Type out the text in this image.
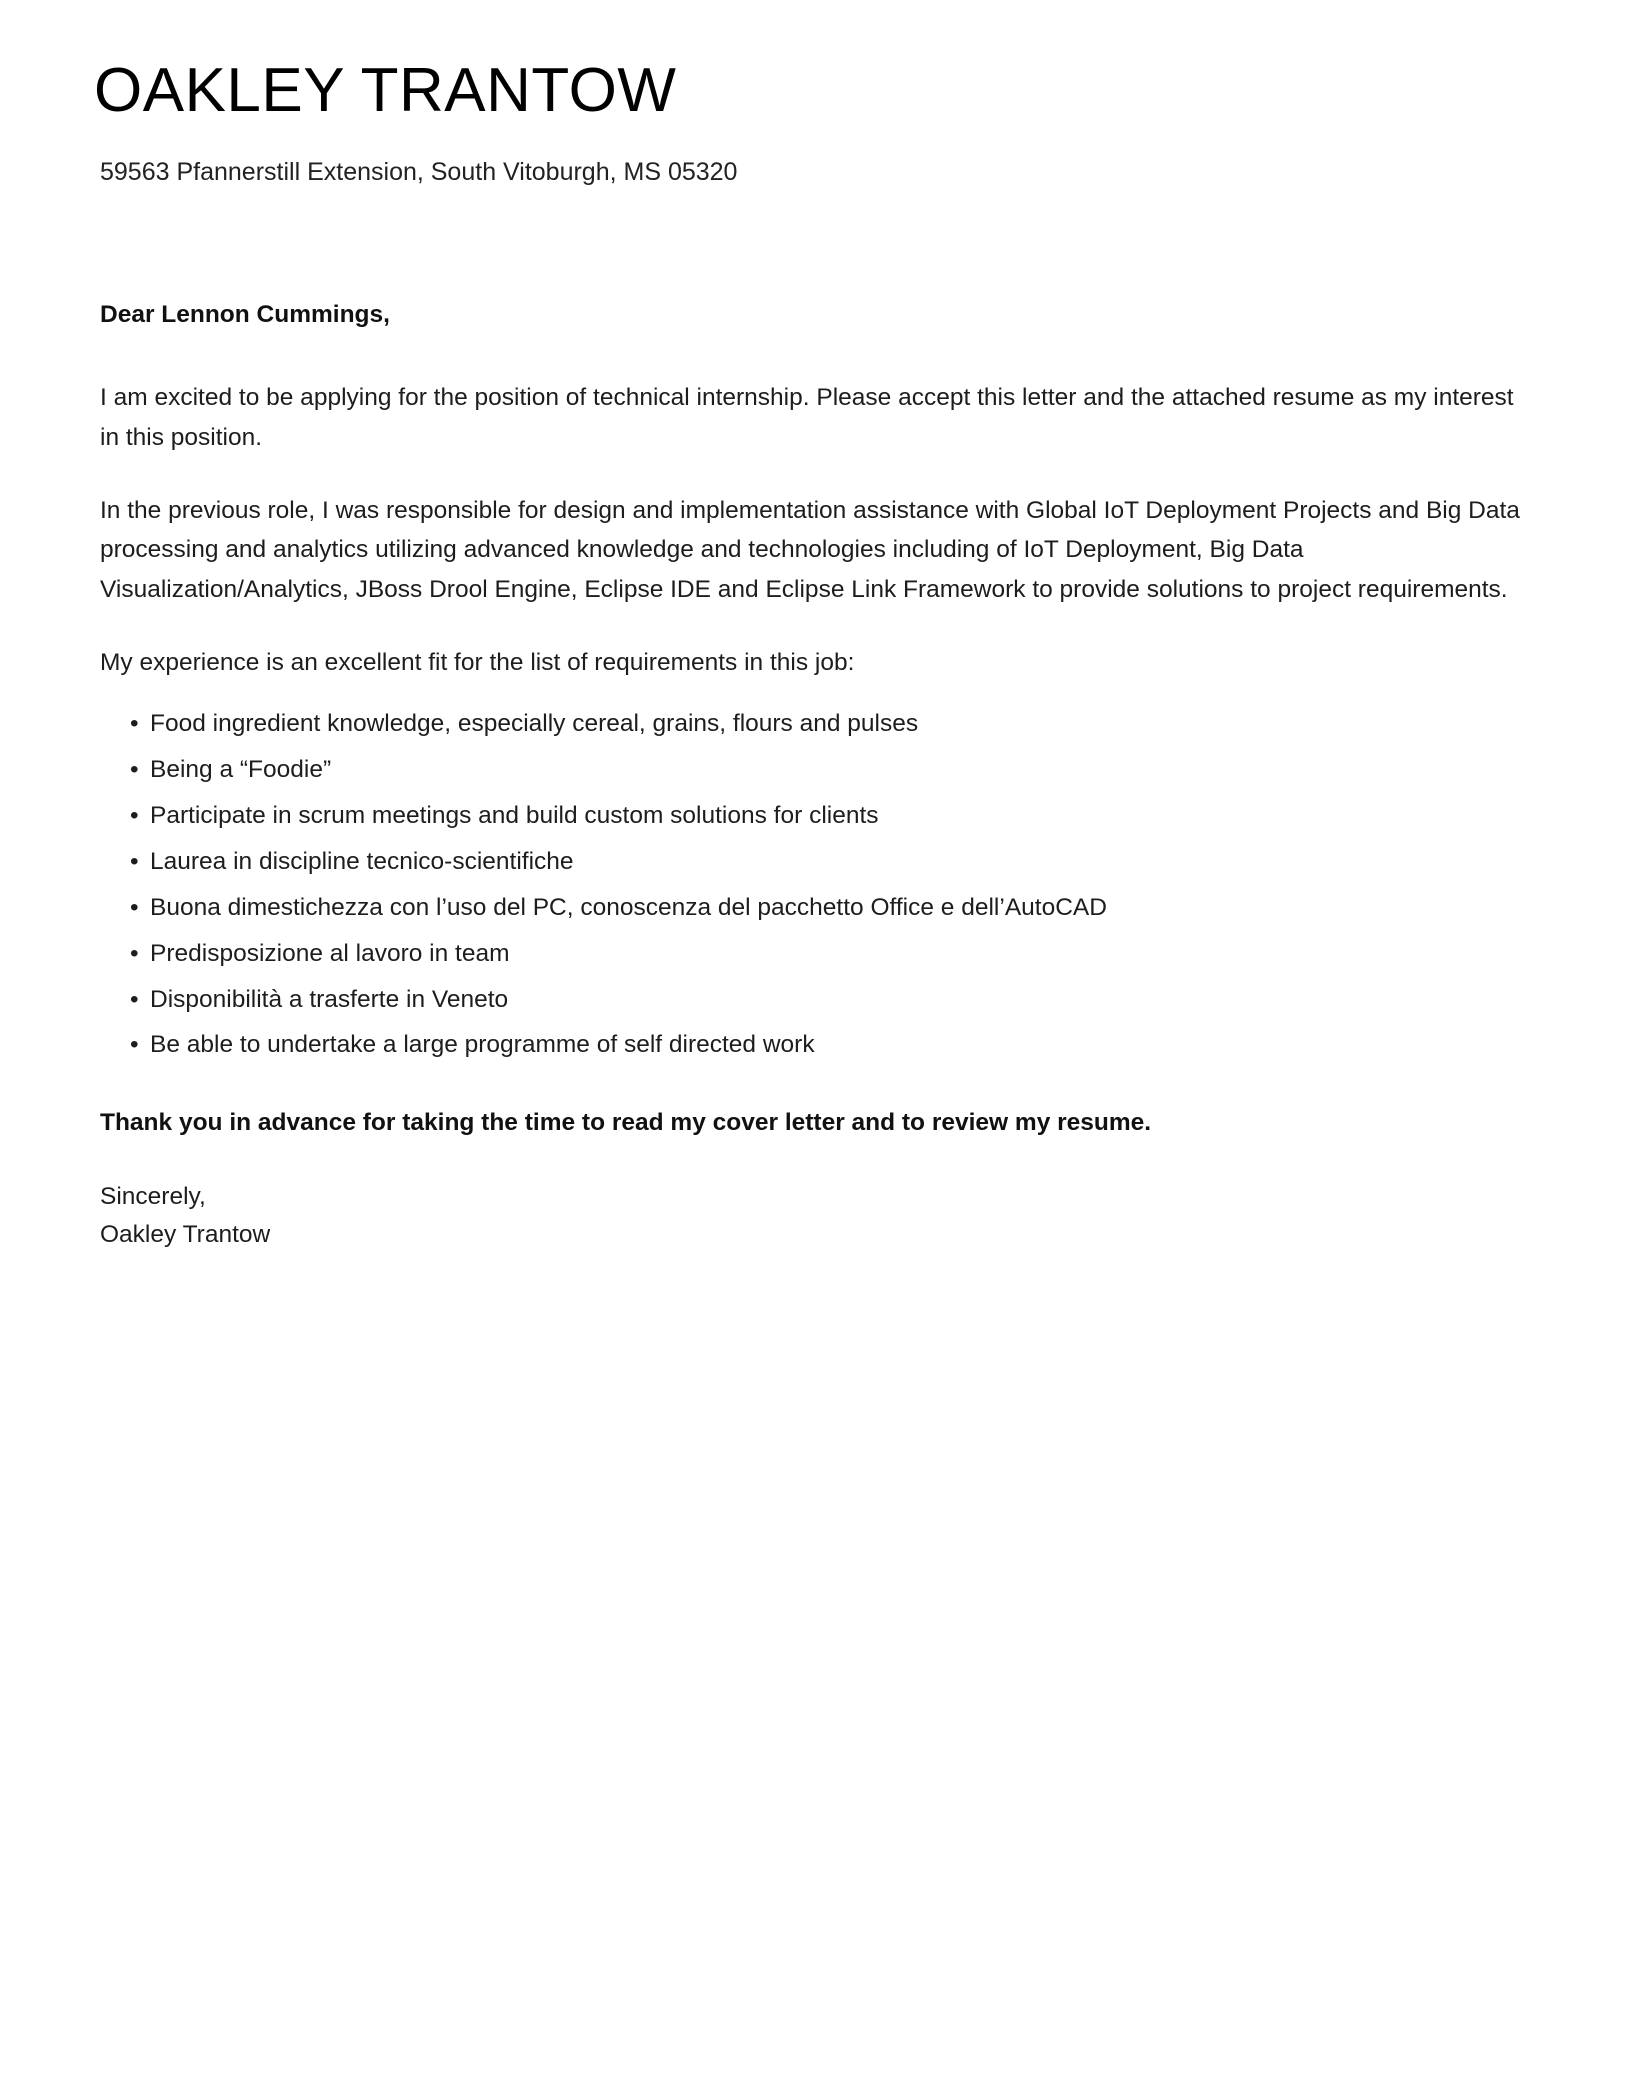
OAKLEY TRANTOW
59563 Pfannerstill Extension, South Vitoburgh, MS 05320

Dear Lennon Cummings,

I am excited to be applying for the position of technical internship. Please accept this letter and the attached resume as my interest in this position.

In the previous role, I was responsible for design and implementation assistance with Global IoT Deployment Projects and Big Data processing and analytics utilizing advanced knowledge and technologies including of IoT Deployment, Big Data Visualization/Analytics, JBoss Drool Engine, Eclipse IDE and Eclipse Link Framework to provide solutions to project requirements.

My experience is an excellent fit for the list of requirements in this job:

• Food ingredient knowledge, especially cereal, grains, flours and pulses
• Being a “Foodie”
• Participate in scrum meetings and build custom solutions for clients
• Laurea in discipline tecnico-scientifiche
• Buona dimestichezza con l’uso del PC, conoscenza del pacchetto Office e dell’AutoCAD
• Predisposizione al lavoro in team
• Disponibilità a trasferte in Veneto
• Be able to undertake a large programme of self directed work

Thank you in advance for taking the time to read my cover letter and to review my resume.

Sincerely,
Oakley Trantow
